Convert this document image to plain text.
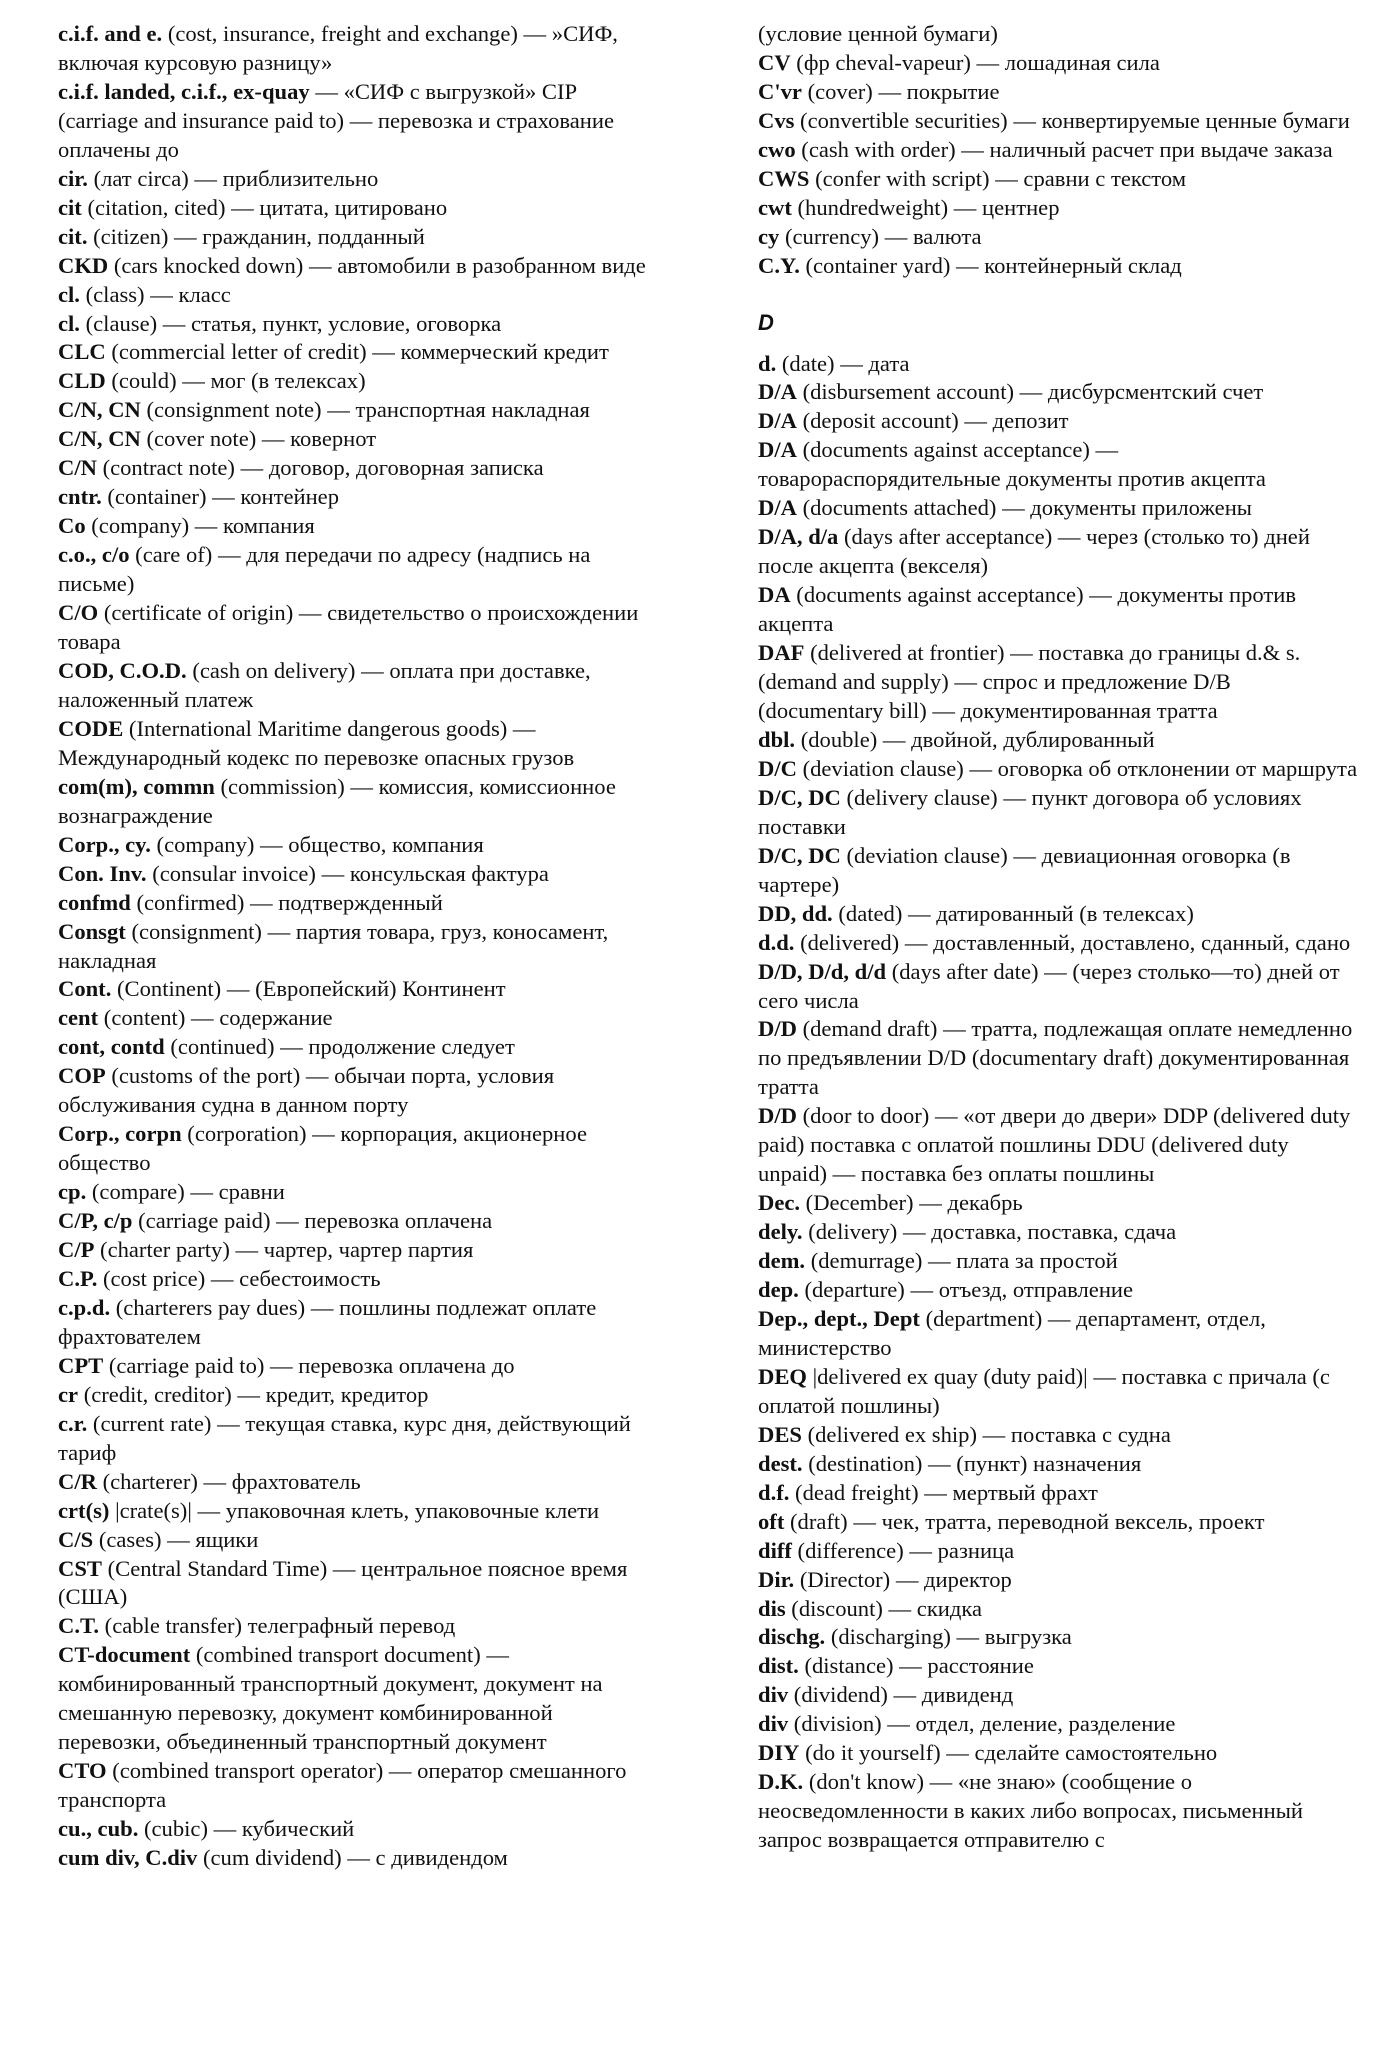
c.i.f. and e. (cost, insurance, freight and exchange) — »СИФ, включая курсовую разницу»
c.i.f. landed, c.i.f., ex-quay — «СИФ с выгрузкой» CIP (carriage and insurance paid to) — перевозка и страхование оплачены до
cir. (лат circa) — приблизительно
cit (citation, cited) — цитата, цитировано
cit. (citizen) — гражданин, подданный
CKD (cars knocked down) — автомобили в разобранном виде
cl. (class) — класс
cl. (clause) — статья, пункт, условие, оговорка
CLC (commercial letter of credit) — коммерческий кредит
CLD (could) — мог (в телексах)
C/N, CN (consignment note) — транспортная накладная
C/N, CN (cover note) — ковернот
C/N (contract note) — договор, договорная записка
cntr. (container) — контейнер
Co (company) — компания
c.o., c/o (care of) — для передачи по адресу (надпись на письме)
C/O (certificate of origin) — свидетельство о происхождении товара
COD, C.O.D. (cash on delivery) — оплата при доставке, наложенный платеж
CODE (International Maritime dangerous goods) — Международный кодекс по перевозке опасных грузов
com(m), commn (commission) — комиссия, комиссионное вознаграждение
Corp., cy. (company) — общество, компания
Con. Inv. (consular invoice) — консульская фактура
confmd (confirmed) — подтвержденный
Consgt (consignment) — партия товара, груз, коносамент, накладная
Cont. (Continent) — (Европейский) Континент
cent (content) — содержание
cont, contd (continued) — продолжение следует
COP (customs of the port) — обычаи порта, условия обслуживания судна в данном порту
Corp., corpn (corporation) — корпорация, акционерное общество
cp. (compare) — сравни
C/P, c/p (carriage paid) — перевозка оплачена
C/P (charter party) — чартер, чартер партия
C.P. (cost price) — себестоимость
c.p.d. (charterers pay dues) — пошлины подлежат оплате фрахтователем
CPT (carriage paid to) — перевозка оплачена до
cr (credit, creditor) — кредит, кредитор
c.r. (current rate) — текущая ставка, курс дня, действующий тариф
C/R (charterer) — фрахтователь
crt(s) |crate(s)| — упаковочная клеть, упаковочные клети
C/S (cases) — ящики
CST (Central Standard Time) — центральное поясное время (США)
C.T. (cable transfer) телеграфный перевод
CT-document (combined transport document) — комбинированный транспортный документ, документ на смешанную перевозку, документ комбинированной перевозки, объединенный транспортный документ
CTO (combined transport operator) — оператор смешанного транспорта
cu., cub. (cubic) — кубический
cum div, C.div (cum dividend) — с дивидендом
(условие ценной бумаги)
CV (фр cheval-vapeur) — лошадиная сила
C'vr (cover) — покрытие
Cvs (convertible securities) — конвертируемые ценные бумаги
cwo (cash with order) — наличный расчет при выдаче заказа
CWS (confer with script) — сравни с текстом
cwt (hundredweight) — центнер
cy (currency) — валюта
C.Y. (container yard) — контейнерный склад
D
d. (date) — дата
D/A (disbursement account) — дисбурсментский счет
D/A (deposit account) — депозит
D/A (documents against acceptance) — товарораспорядительные документы против акцепта
D/A (documents attached) — документы приложены
D/A, d/a (days after acceptance) — через (столько то) дней после акцепта (векселя)
DA (documents against acceptance) — документы против акцепта
DAF (delivered at frontier) — поставка до границы d.& s. (demand and supply) — спрос и предложение D/B (documentary bill) — документированная тратта
dbl. (double) — двойной, дублированный
D/C (deviation clause) — оговорка об отклонении от маршрута
D/C, DC (delivery clause) — пункт договора об условиях поставки
D/C, DC (deviation clause) — девиационная оговорка (в чартере)
DD, dd. (dated) — датированный (в телексах)
d.d. (delivered) — доставленный, доставлено, сданный, сдано
D/D, D/d, d/d (days after date) — (через столько—то) дней от сего числа
D/D (demand draft) — тратта, подлежащая оплате немедленно по предъявлении D/D (documentary draft) документированная тратта
D/D (door to door) — «от двери до двери» DDP (delivered duty paid) поставка с оплатой пошлины DDU (delivered duty unpaid) — поставка без оплаты пошлины
Dec. (December) — декабрь
dely. (delivery) — доставка, поставка, сдача
dem. (demurrage) — плата за простой
dep. (departure) — отъезд, отправление
Dep., dept., Dept (department) — департамент, отдел, министерство
DEQ |delivered ex quay (duty paid)| — поставка с причала (с оплатой пошлины)
DES (delivered ex ship) — поставка с судна
dest. (destination) — (пункт) назначения
d.f. (dead freight) — мертвый фрахт
oft (draft) — чек, тратта, переводной вексель, проект
diff (difference) — разница
Dir. (Director) — директор
dis (discount) — скидка
dischg. (discharging) — выгрузка
dist. (distance) — расстояние
div (dividend) — дивиденд
div (division) — отдел, деление, разделение
DIY (do it yourself) — сделайте самостоятельно
D.K. (don't know) — «не знаю» (сообщение о неосведомленности в каких либо вопросах, письменный запрос возвращается отправителю с
